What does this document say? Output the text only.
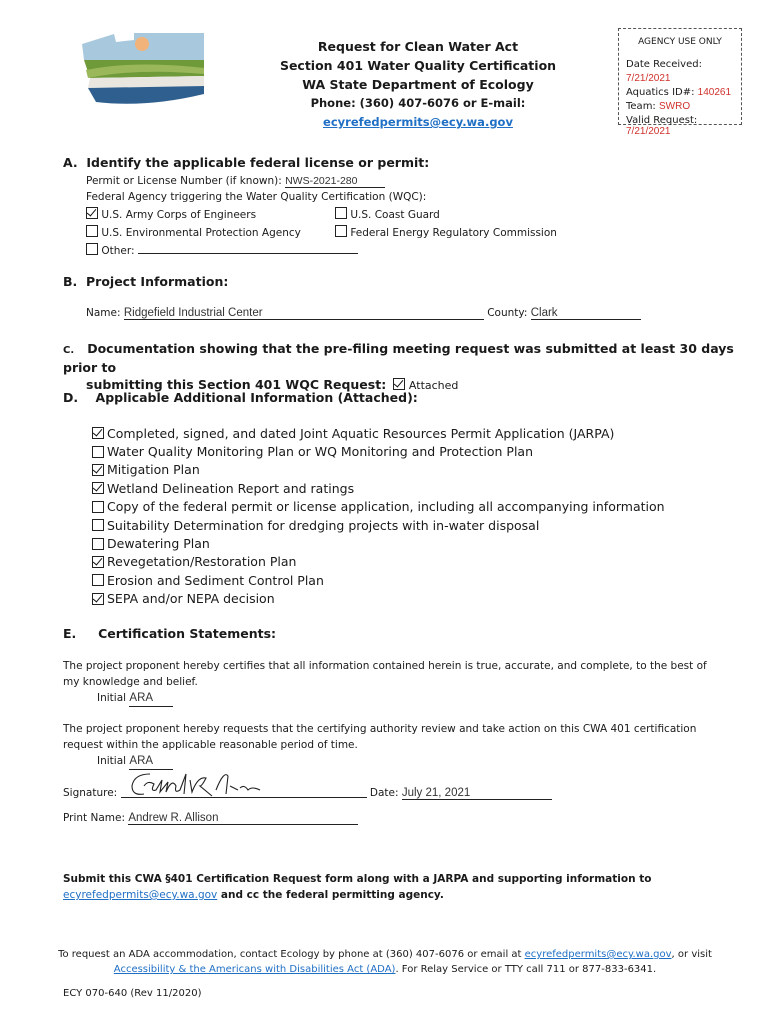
Request for Clean Water Act
Section 401 Water Quality Certification
WA State Department of Ecology
Phone: (360) 407-6076 or E-mail: ecyrefedpermits@ecy.wa.gov
AGENCY USE ONLY
Date Received: 7/21/2021
Aquatics ID#: 140261
Team: SWRO
Valid Request: 7/21/2021
A. Identify the applicable federal license or permit:
Permit or License Number (if known): NWS-2021-280
Federal Agency triggering the Water Quality Certification (WQC):
U.S. Army Corps of Engineers	U.S. Coast Guard
U.S. Environmental Protection Agency	Federal Energy Regulatory Commission
Other:
B. Project Information:
Name: Ridgefield Industrial Center	County: Clark
C. Documentation showing that the pre-filing meeting request was submitted at least 30 days prior to
submitting this Section 401 WQC Request: Attached
D. Applicable Additional Information (Attached):
Completed, signed, and dated Joint Aquatic Resources Permit Application (JARPA)
Water Quality Monitoring Plan or WQ Monitoring and Protection Plan
Mitigation Plan
Wetland Delineation Report and ratings
Copy of the federal permit or license application, including all accompanying information
Suitability Determination for dredging projects with in-water disposal
Dewatering Plan
Revegetation/Restoration Plan
Erosion and Sediment Control Plan
SEPA and/or NEPA decision
E. Certification Statements:
The project proponent hereby certifies that all information contained herein is true, accurate, and complete, to the best of
my knowledge and belief.
Initial ARA
The project proponent hereby requests that the certifying authority review and take action on this CWA 401 certification
request within the applicable reasonable period of time.
Initial ARA
Signature:	Date: July 21, 2021
Print Name: Andrew R. Allison
Submit this CWA §401 Certification Request form along with a JARPA and supporting information to
ecyrefedpermits@ecy.wa.gov and cc the federal permitting agency.
To request an ADA accommodation, contact Ecology by phone at (360) 407-6076 or email at ecyrefedpermits@ecy.wa.gov, or visit
Accessibility & the Americans with Disabilities Act (ADA). For Relay Service or TTY call 711 or 877-833-6341.
ECY 070-640 (Rev 11/2020)
